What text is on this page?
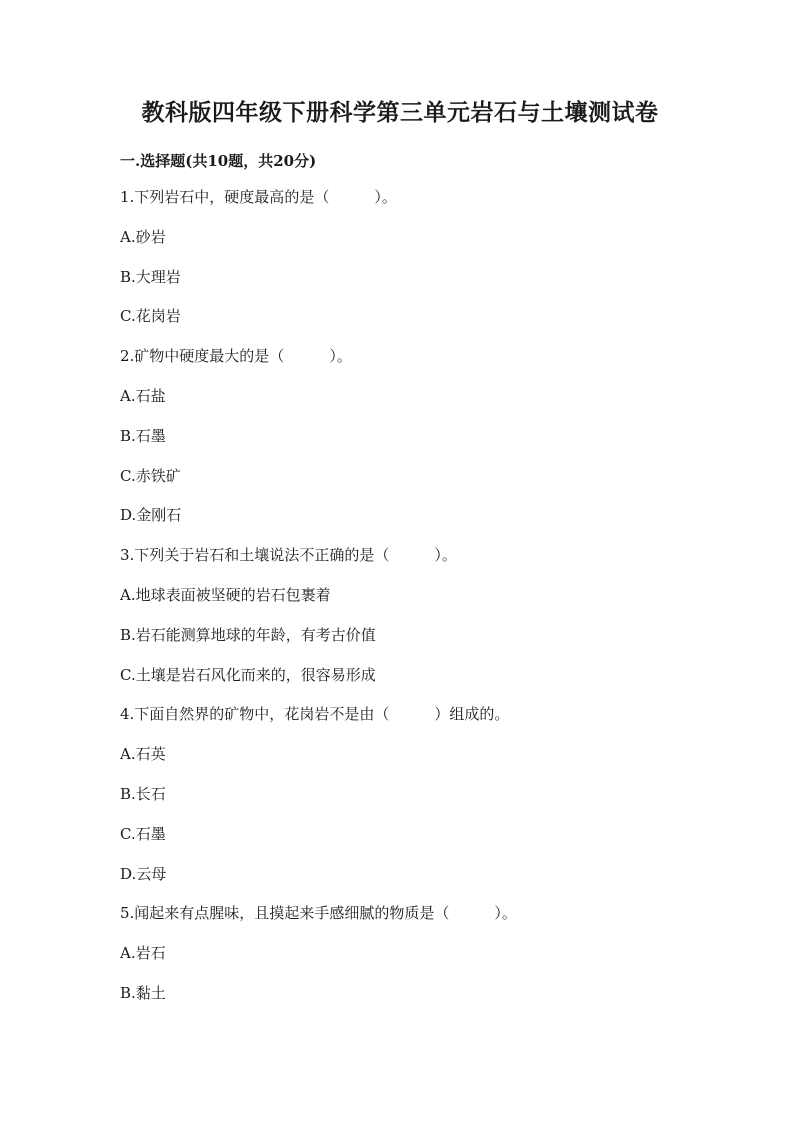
教科版四年级下册科学第三单元岩石与土壤测试卷
一.选择题(共10题，共20分)
1.下列岩石中，硬度最高的是（　　　）。
A.砂岩
B.大理岩
C.花岗岩
2.矿物中硬度最大的是（　　　）。
A.石盐
B.石墨
C.赤铁矿
D.金刚石
3.下列关于岩石和土壤说法不正确的是（　　　）。
A.地球表面被坚硬的岩石包裹着
B.岩石能测算地球的年龄，有考古价值
C.土壤是岩石风化而来的，很容易形成
4.下面自然界的矿物中，花岗岩不是由（　　　）组成的。
A.石英
B.长石
C.石墨
D.云母
5.闻起来有点腥味，且摸起来手感细腻的物质是（　　　）。
A.岩石
B.黏土
